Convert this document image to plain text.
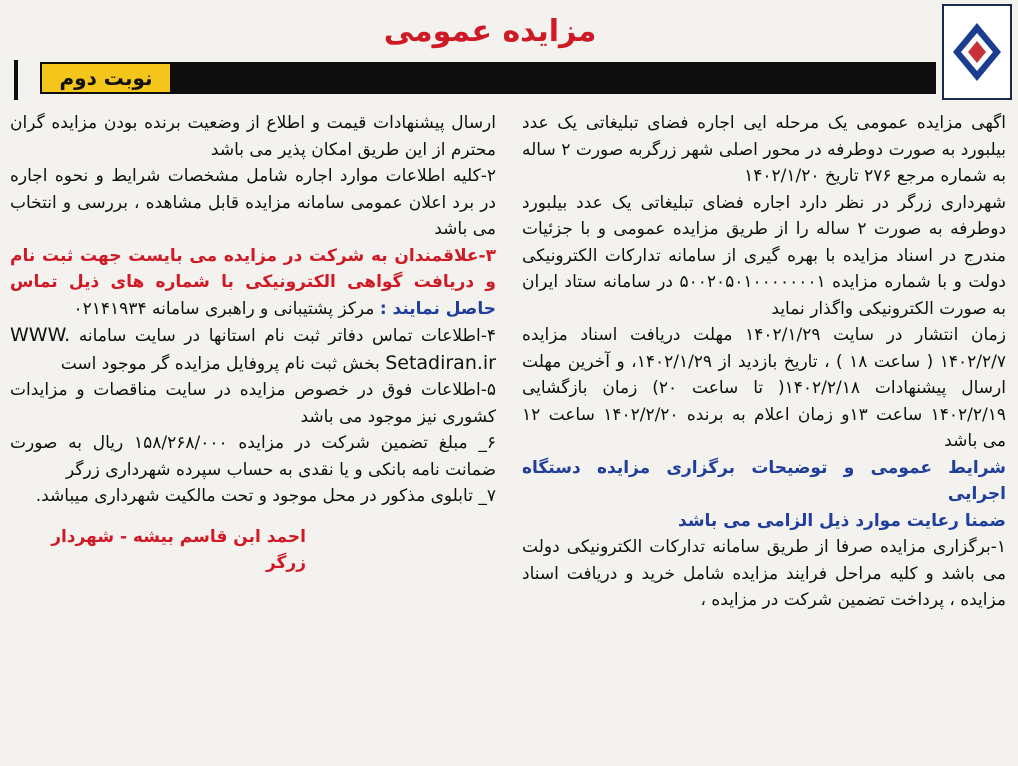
مزایده عمومی
نوبت دوم

اگهی مزایده عمومی یک مرحله ایی اجاره فضای تبلیغاتی یک عدد بیلبورد به صورت دوطرفه در محور اصلی شهر زرگربه صورت ۲ ساله به شماره مرجع ۲۷۶ تاریخ ۱۴۰۲/۱/۲۰

شهرداری زرگر در نظر دارد اجاره فضای تبلیغاتی یک عدد بیلبورد دوطرفه به صورت ۲ ساله را از طریق مزایده عمومی و با جزئیات مندرج در اسناد مزایده با بهره گیری از سامانه تدارکات الکترونیکی دولت و با شماره مزایده ۵۰۰۲۰۵۰۱۰۰۰۰۰۰۰۱ در سامانه ستاد ایران به صورت الکترونیکی واگذار نماید

زمان انتشار در سایت ۱۴۰۲/۱/۲۹ مهلت دریافت اسناد مزایده ۱۴۰۲/۲/۷ ( ساعت ۱۸ ) ، تاریخ بازدید از ۱۴۰۲/۱/۲۹، و آخرین مهلت ارسال پیشنهادات ۱۴۰۲/۲/۱۸( تا ساعت ۲۰) زمان بازگشایی ۱۴۰۲/۲/۱۹ ساعت ۱۳و زمان اعلام به برنده ۱۴۰۲/۲/۲۰ ساعت ۱۲ می باشد

شرایط عمومی و توضیحات برگزاری مزایده دستگاه اجرایی

ضمنا رعایت موارد ذیل الزامی می باشد

۱-برگزاری مزایده صرفا از طریق سامانه تدارکات الکترونیکی دولت می باشد و کلیه مراحل فرایند مزایده شامل خرید و دریافت اسناد مزایده ، پرداخت تضمین شرکت در مزایده ،

ارسال پیشنهادات قیمت و اطلاع از وضعیت برنده بودن مزایده گران محترم از این طریق امکان پذیر می باشد

۲-کلیه اطلاعات موارد اجاره شامل مشخصات شرایط و نحوه اجاره در برد اعلان عمومی سامانه مزایده قابل مشاهده ، بررسی و انتخاب می باشد

۳-علاقمندان به شرکت در مزایده می بایست جهت ثبت نام و دریافت گواهی الکترونیکی با شماره های ذیل تماس حاصل نمایند : مرکز پشتیبانی و راهبری سامانه ۰۲۱۴۱۹۳۴

۴-اطلاعات تماس دفاتر ثبت نام استانها در سایت سامانه WWW. Setadiran.ir بخش ثبت نام پروفایل مزایده گر موجود است

۵-اطلاعات فوق در خصوص مزایده در سایت مناقصات و مزایدات کشوری نیز موجود می باشد

۶_ مبلغ تضمین شرکت در مزایده ۱۵۸/۲۶۸/۰۰۰ ریال به صورت ضمانت نامه بانکی و یا نقدی به حساب سپرده شهرداری زرگر

۷_ تابلوی مذکور در محل موجود و تحت مالکیت شهرداری میباشد.

احمد ابن قاسم بیشه - شهردار زرگر
